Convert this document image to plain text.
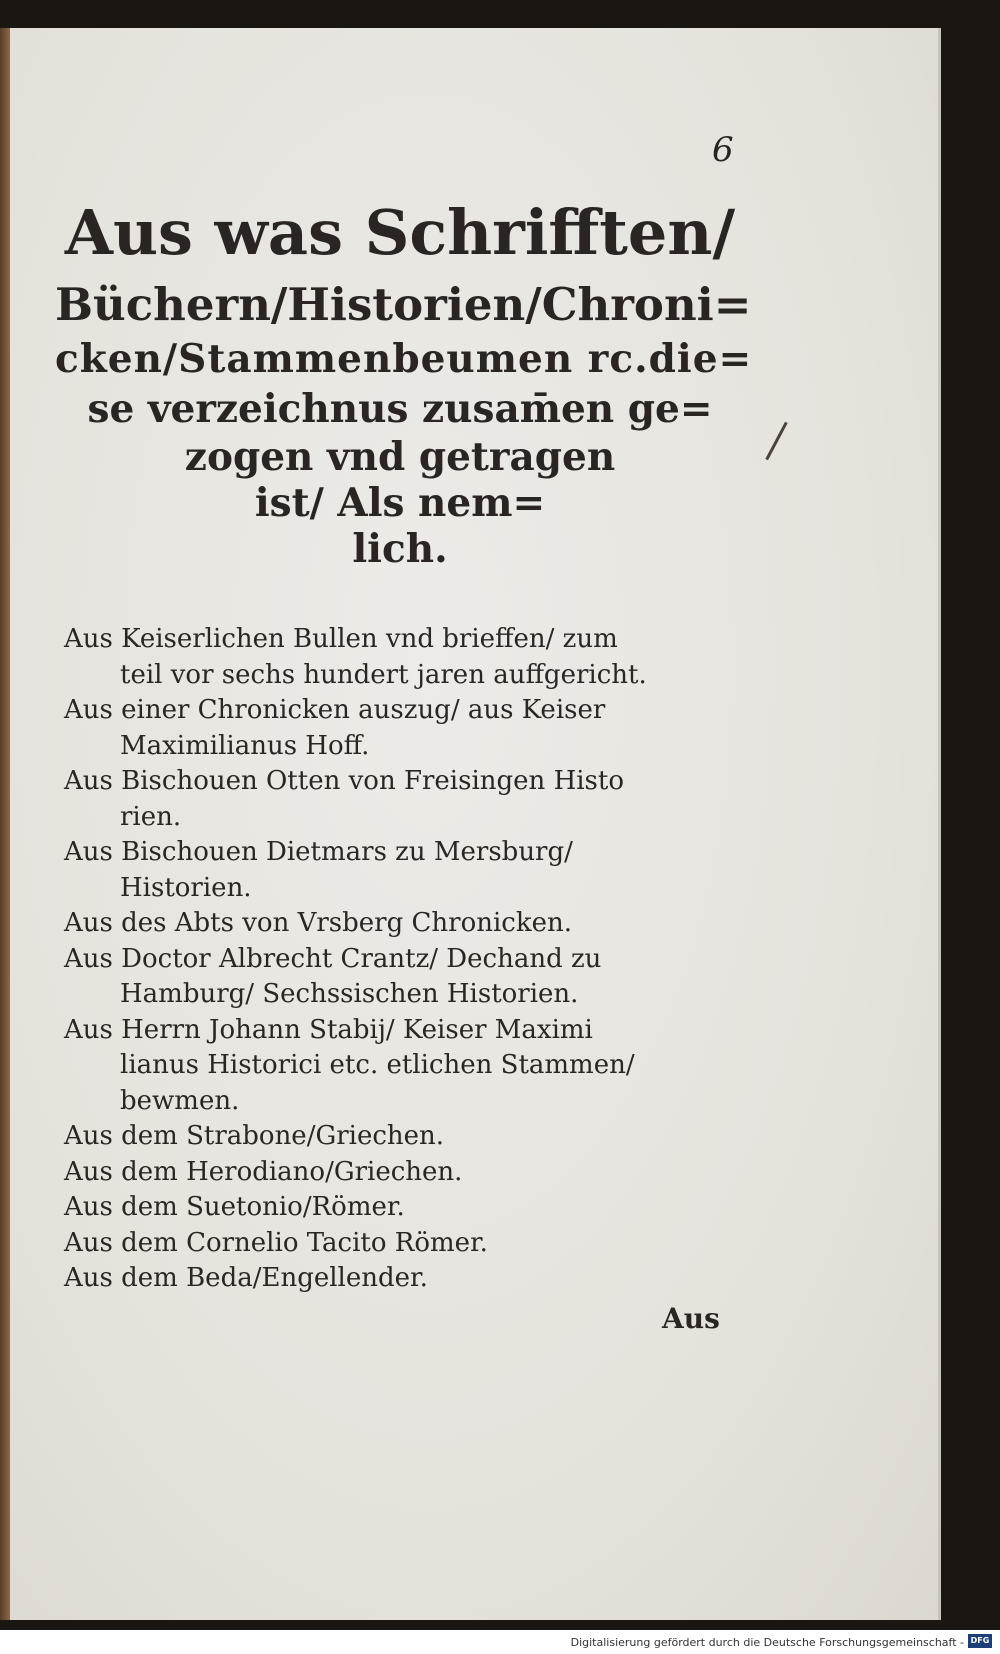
6
Aus was Schrifften/
Büchern/Historien/Chroni=
cken/Stammenbeumen rc.die=
se verzeichnus zusam̄en ge=
zogen vnd getragen
ist/ Als nem=
lich.
Aus Keiserlichen Bullen vnd brieffen/ zum
teil vor sechs hundert jaren auffgericht.
Aus einer Chronicken auszug/ aus Keiser
Maximilianus Hoff.
Aus Bischouen Otten von Freisingen Histo
rien.
Aus Bischouen Dietmars zu Mersburg/
Historien.
Aus des Abts von Vrsberg Chronicken.
Aus Doctor Albrecht Crantz/ Dechand zu
Hamburg/ Sechssischen Historien.
Aus Herrn Johann Stabij/ Keiser Maximi
lianus Historici etc. etlichen Stammen/
bewmen.
Aus dem Strabone/Griechen.
Aus dem Herodiano/Griechen.
Aus dem Suetonio/Römer.
Aus dem Cornelio Tacito Römer.
Aus dem Beda/Engellender.
Aus
Digitalisierung gefördert durch die Deutsche Forschungsgemeinschaft - DFG
